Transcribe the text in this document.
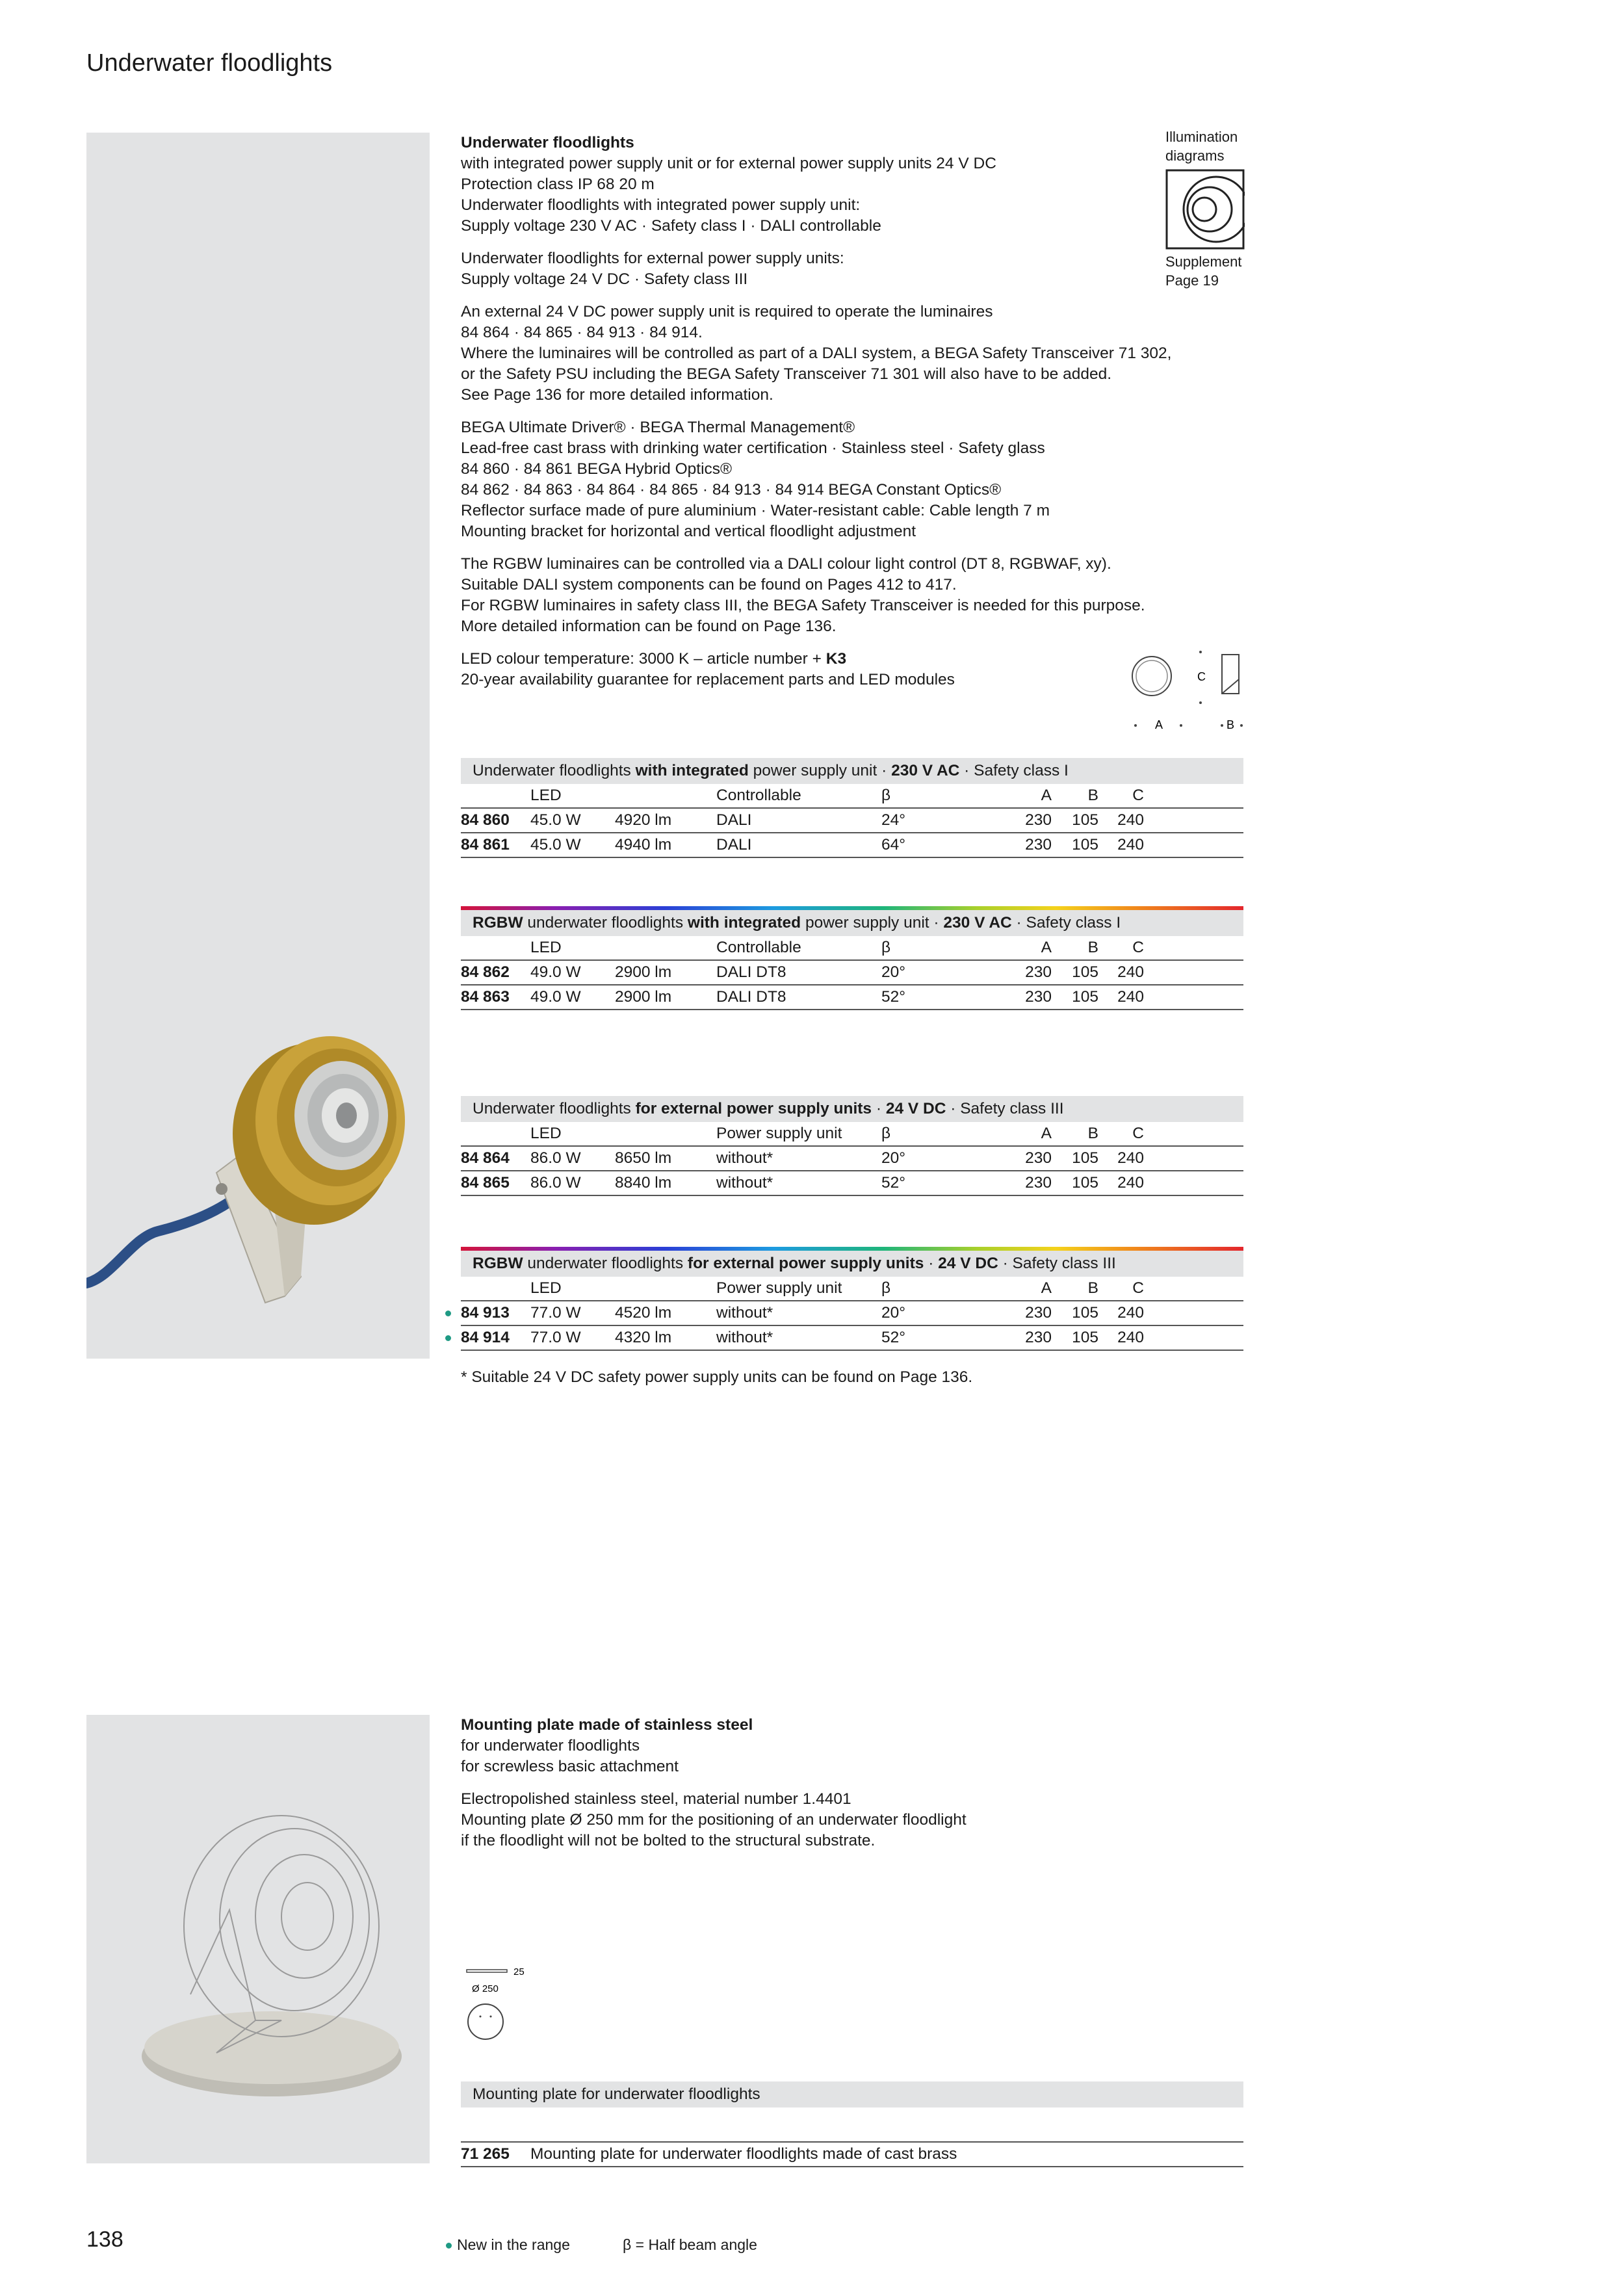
Underwater floodlights

Underwater floodlights

with integrated power supply unit or for external power supply units 24 V DC

Protection class IP 68 20 m

Underwater floodlights with integrated power supply unit:

Supply voltage 230 V AC · Safety class I · DALI controllable

Underwater floodlights for external power supply units:

Supply voltage 24 V DC · Safety class III

An external 24 V DC power supply unit is required to operate the luminaires

84 864 · 84 865 · 84 913 · 84 914.

Where the luminaires will be controlled as part of a DALI system, a BEGA Safety Transceiver 71 302,

or the Safety PSU including the BEGA Safety Transceiver 71 301 will also have to be added.

See Page 136 for more detailed information.

BEGA Ultimate Driver® · BEGA Thermal Management®

Lead-free cast brass with drinking water certification · Stainless steel · Safety glass

84 860 · 84 861 BEGA Hybrid Optics®

84 862 · 84 863 · 84 864 · 84 865 · 84 913 · 84 914 BEGA Constant Optics®

Reflector surface made of pure aluminium · Water-resistant cable: Cable length 7 m

Mounting bracket for horizontal and vertical floodlight adjustment

The RGBW luminaires can be controlled via a DALI colour light control (DT 8, RGBWAF, xy).

Suitable DALI system components can be found on Pages 412 to 417.

For RGBW luminaires in safety class III, the BEGA Safety Transceiver is needed for this purpose.

More detailed information can be found on Page 136.

LED colour temperature: 3000 K – article number + K3

20-year availability guarantee for replacement parts and LED modules

Illumination
diagrams
Supplement
Page 19
C
A	B
Underwater floodlights with integrated power supply unit · 230 V AC · Safety class I
	LED		Controllable	β	A	B	C	
84 860	45.0 W	4920 lm	DALI	24°	230	105	240	
84 861	45.0 W	4940 lm	DALI	64°	230	105	240	
RGBW underwater floodlights with integrated power supply unit · 230 V AC · Safety class I
	LED		Controllable	β	A	B	C	
84 862	49.0 W	2900 lm	DALI DT8	20°	230	105	240	
84 863	49.0 W	2900 lm	DALI DT8	52°	230	105	240	
Underwater floodlights for external power supply units · 24 V DC · Safety class III
	LED		Power supply unit	β	A	B	C	
84 864	86.0 W	8650 lm	without*	20°	230	105	240	
84 865	86.0 W	8840 lm	without*	52°	230	105	240	
RGBW underwater floodlights for external power supply units · 24 V DC · Safety class III
	LED		Power supply unit	β	A	B	C	

84 913	77.0 W	4520 lm	without*	20°	230	105	240	

84 914	77.0 W	4320 lm	without*	52°	230	105	240	
* Suitable 24 V DC safety power supply units can be found on Page 136.

Mounting plate made of stainless steel

for underwater floodlights

for screwless basic attachment

Electropolished stainless steel, material number 1.4401

Mounting plate Ø 250 mm for the positioning of an underwater floodlight

if the floodlight will not be bolted to the structural substrate.

25
Ø 250
Mounting plate for underwater floodlights
71 265 Mounting plate for underwater floodlights made of cast brass
138	New in the range	β = Half beam angle
